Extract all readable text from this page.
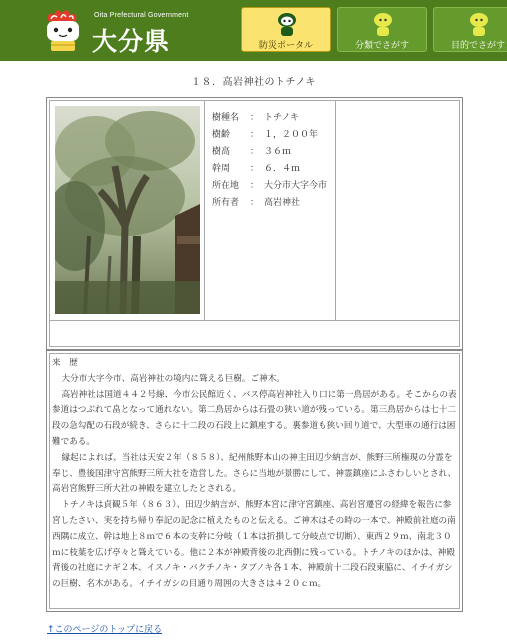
Oita Prefectural Government
大分県	防災ポータル	分類でさがす	目的でさがす
１８．高岩神社のトチノキ
樹種名 ： トチノキ
樹齢 ： １，２００年
樹高 ： ３６ｍ
幹周 ： ６．４ｍ
所在地 ： 大分市大字今市
所有者 ： 高岩神社

来　歴

大分市大字今市、高岩神社の境内に聳える巨樹。ご神木。

高岩神社は国道４４２号線、今市公民館近く、バス停高岩神社入り口に第一鳥居がある。そこからの表参道はつぶれて畠となって通れない。第二鳥居からは石畳の狭い道が残っている。第三鳥居からは七十二段の急勾配の石段が続き、さらに十二段の石段上に鎮座する。裏参道も狭い回り道で、大型車の通行は困難である。

縁起によれば、当社は天安２年（８５８）、紀州熊野本山の神主田辺少納言が、熊野三所権現の分霊を奉じ、豊後国津守宮熊野三所大社を造営した。さらに当地が景勝にして、神霊鎮座にふさわしいとされ、高岩宮熊野三所大社の神殿を建立したとされる。

トチノキは貞観５年（８６３）、田辺少納言が、熊野本宮に津守宮鎮座、高岩宮遷宮の経緯を報告に参宮したさい、実を持ち帰り奉記の記念に植えたものと伝える。ご神木はその時の一本で、神殿前社庭の南西隅に成立、幹は地上８ｍで６本の支幹に分岐（１本は折損して分岐点で切断）、東西２９ｍ、南北３０ｍに枝葉を広げ亭々と聳えている。他に２本が神殿背後の北西側に残っている。トチノキのほかは、神殿背後の社庭にナギ２本、イスノキ・バクチノキ・タブノキ各１本、神殿前十二段石段東脇に、イチイガシの巨樹、名木がある。イチイガシの目通り周囲の大きさは４２０ｃｍ。

↑このページのトップに戻る
